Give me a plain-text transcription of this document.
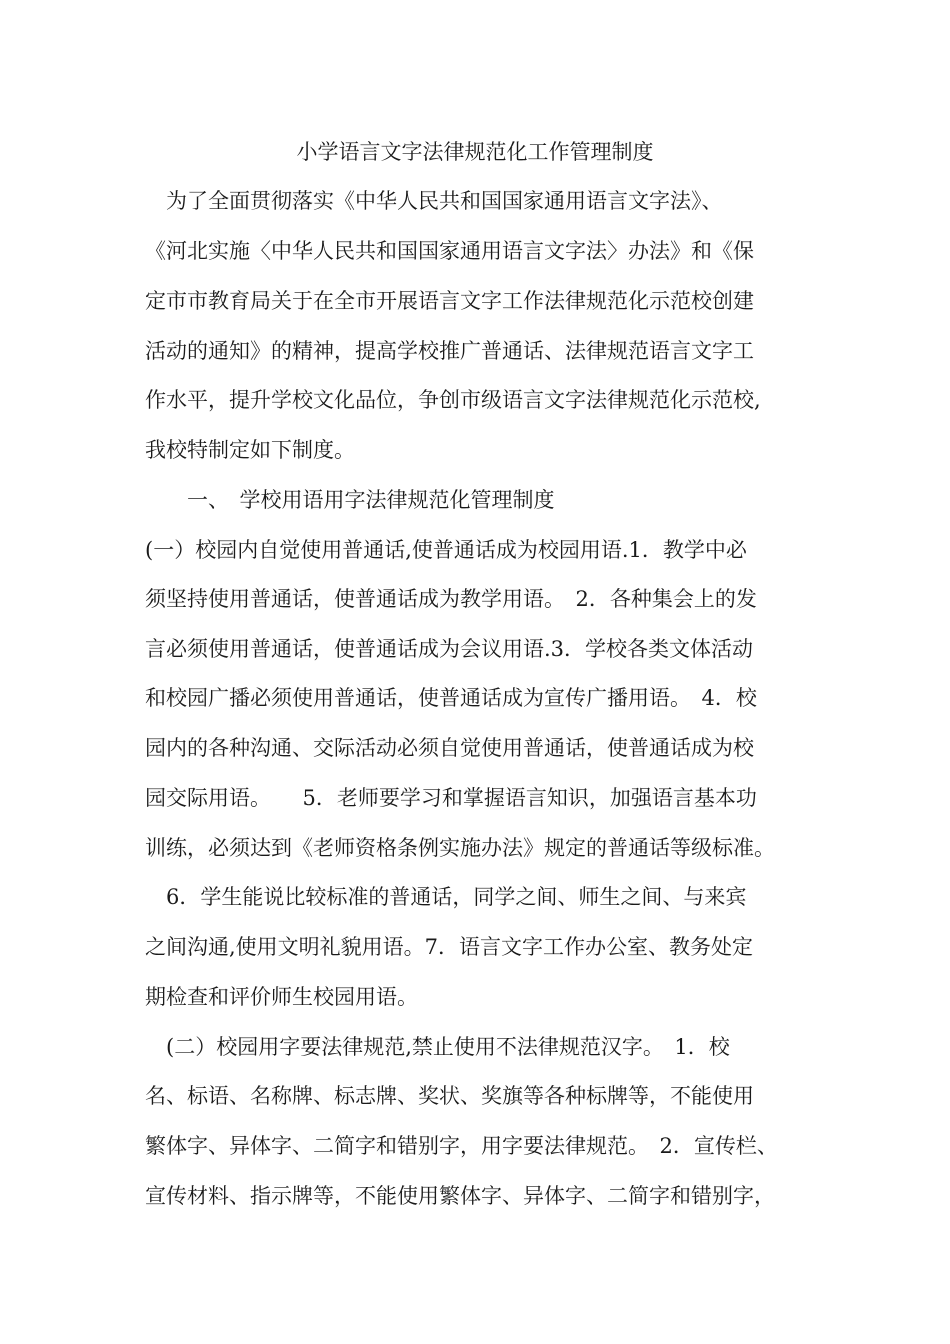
小学语言文字法律规范化工作管理制度
　为了全面贯彻落实《中华人民共和国国家通用语言文字法》、
《河北实施〈中华人民共和国国家通用语言文字法〉办法》和《保
定市市教育局关于在全市开展语言文字工作法律规范化示范校创建
活动的通知》的精神，提高学校推广普通话、法律规范语言文字工
作水平，提升学校文化品位，争创市级语言文字法律规范化示范校,
我校特制定如下制度。
　　一、　学校用语用字法律规范化管理制度
(一）校园内自觉使用普通话,使普通话成为校园用语.1．教学中必
须坚持使用普通话，使普通话成为教学用语。　2．各种集会上的发
言必须使用普通话，使普通话成为会议用语.3．学校各类文体活动
和校园广播必须使用普通话，使普通话成为宣传广播用语。　4．校
园内的各种沟通、交际活动必须自觉使用普通话，使普通话成为校
园交际用语。　　5．老师要学习和掌握语言知识，加强语言基本功
训练，必须达到《老师资格条例实施办法》规定的普通话等级标准。
　6．学生能说比较标准的普通话，同学之间、师生之间、与来宾
之间沟通,使用文明礼貌用语。7．语言文字工作办公室、教务处定
期检查和评价师生校园用语。
　(二）校园用字要法律规范,禁止使用不法律规范汉字。　1．校
名、标语、名称牌、标志牌、奖状、奖旗等各种标牌等，不能使用
繁体字、异体字、二简字和错别字，用字要法律规范。　2．宣传栏、
宣传材料、指示牌等，不能使用繁体字、异体字、二简字和错别字，
